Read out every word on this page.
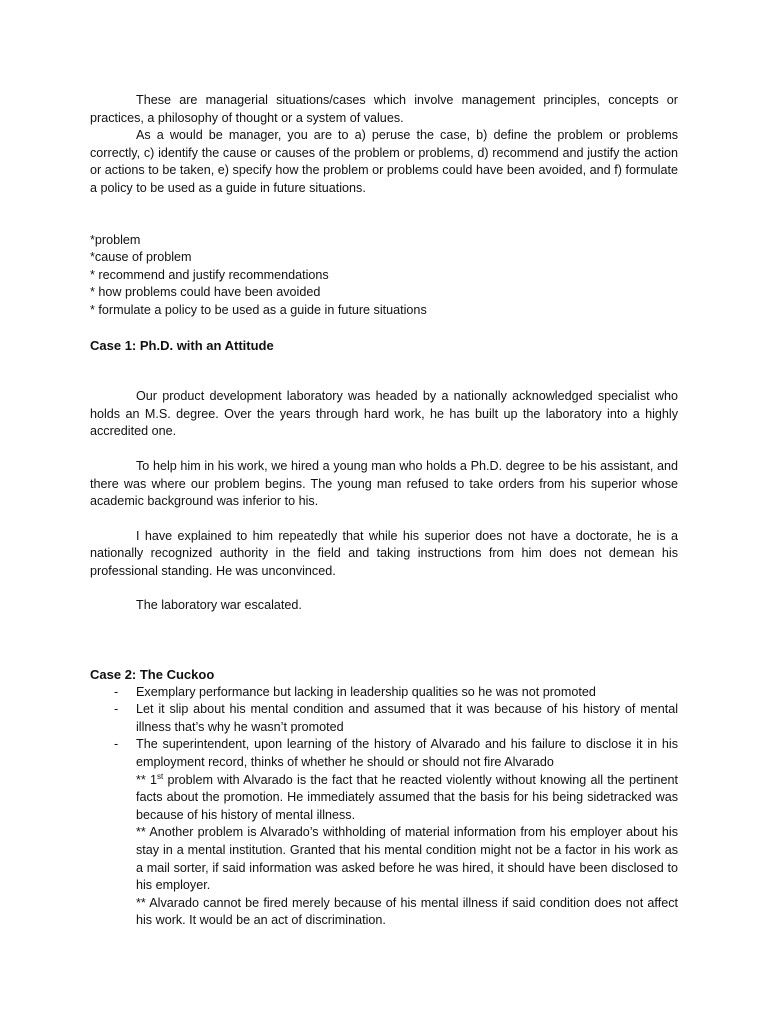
These are managerial situations/cases which involve management principles, concepts or practices, a philosophy of thought or a system of values.

As a would be manager, you are to a) peruse the case, b) define the problem or problems correctly, c) identify the cause or causes of the problem or problems, d) recommend and justify the action or actions to be taken, e) specify how the problem or problems could have been avoided, and f) formulate a policy to be used as a guide in future situations.

*problem
*cause of problem
* recommend and justify recommendations
* how problems could have been avoided
* formulate a policy to be used as a guide in future situations
Case 1: Ph.D. with an Attitude

Our product development laboratory was headed by a nationally acknowledged specialist who holds an M.S. degree. Over the years through hard work, he has built up the laboratory into a highly accredited one.

To help him in his work, we hired a young man who holds a Ph.D. degree to be his assistant, and there was where our problem begins. The young man refused to take orders from his superior whose academic background was inferior to his.

I have explained to him repeatedly that while his superior does not have a doctorate, he is a nationally recognized authority in the field and taking instructions from him does not demean his professional standing. He was unconvinced.

The laboratory war escalated.

Case 2: The Cuckoo
- Exemplary performance but lacking in leadership qualities so he was not promoted
- Let it slip about his mental condition and assumed that it was because of his history of mental illness that’s why he wasn’t promoted
- The superintendent, upon learning of the history of Alvarado and his failure to disclose it in his employment record, thinks of whether he should or should not fire Alvarado

** 1st problem with Alvarado is the fact that he reacted violently without knowing all the pertinent facts about the promotion. He immediately assumed that the basis for his being sidetracked was because of his history of mental illness.

** Another problem is Alvarado’s withholding of material information from his employer about his stay in a mental institution. Granted that his mental condition might not be a factor in his work as a mail sorter, if said information was asked before he was hired, it should have been disclosed to his employer.

** Alvarado cannot be fired merely because of his mental illness if said condition does not affect his work. It would be an act of discrimination.
